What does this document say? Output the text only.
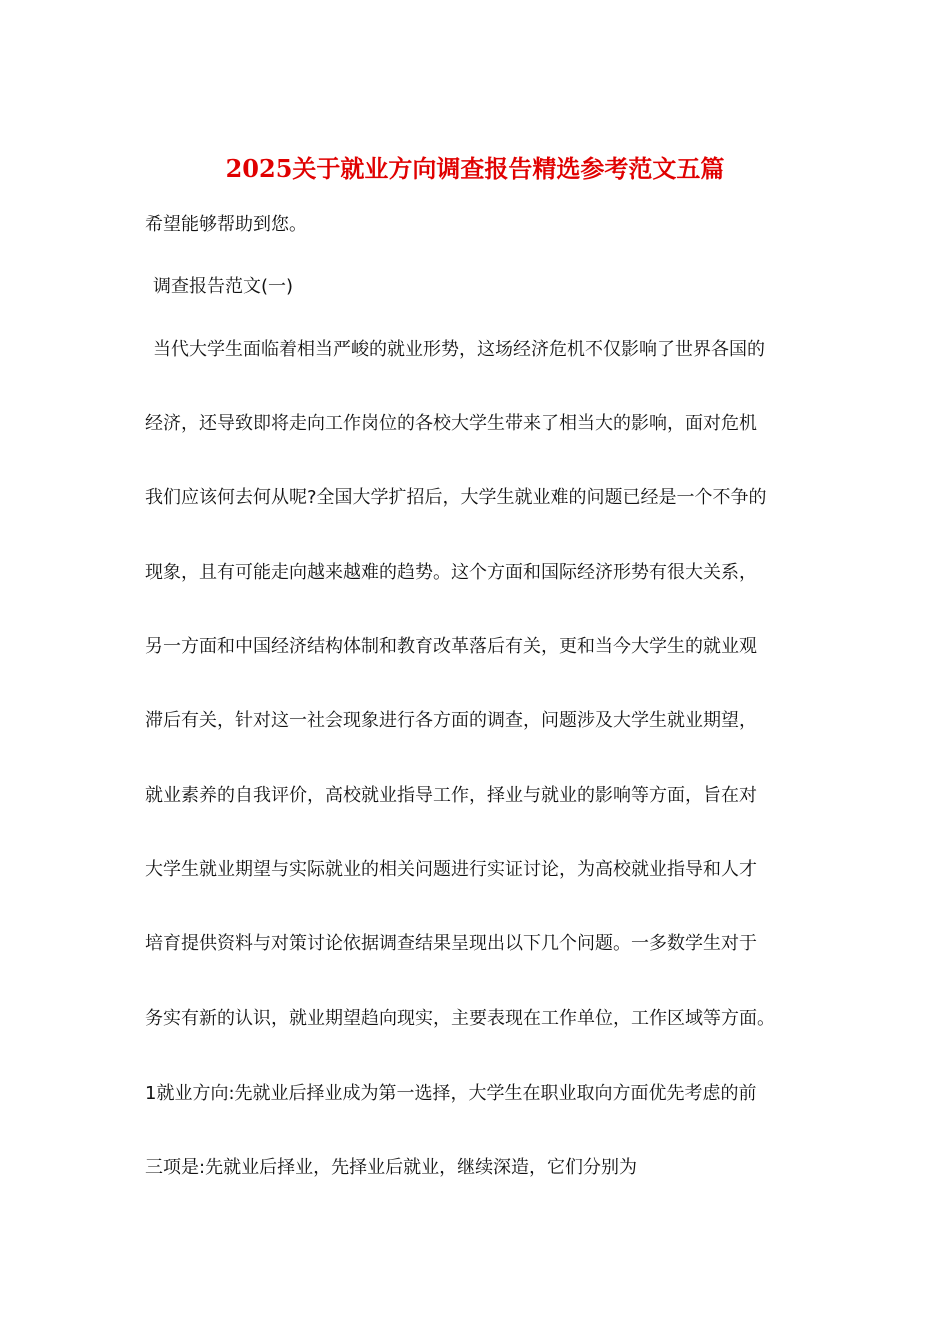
2025关于就业方向调查报告精选参考范文五篇
希望能够帮助到您。
调查报告范文(一)
当代大学生面临着相当严峻的就业形势，这场经济危机不仅影响了世界各国的
经济，还导致即将走向工作岗位的各校大学生带来了相当大的影响，面对危机
我们应该何去何从呢?全国大学扩招后，大学生就业难的问题已经是一个不争的
现象，且有可能走向越来越难的趋势。这个方面和国际经济形势有很大关系，
另一方面和中国经济结构体制和教育改革落后有关，更和当今大学生的就业观
滞后有关，针对这一社会现象进行各方面的调查，问题涉及大学生就业期望，
就业素养的自我评价，高校就业指导工作，择业与就业的影响等方面，旨在对
大学生就业期望与实际就业的相关问题进行实证讨论，为高校就业指导和人才
培育提供资料与对策讨论依据调查结果呈现出以下几个问题。一多数学生对于
务实有新的认识，就业期望趋向现实，主要表现在工作单位，工作区域等方面。
1就业方向:先就业后择业成为第一选择，大学生在职业取向方面优先考虑的前
三项是:先就业后择业，先择业后就业，继续深造，它们分别为
